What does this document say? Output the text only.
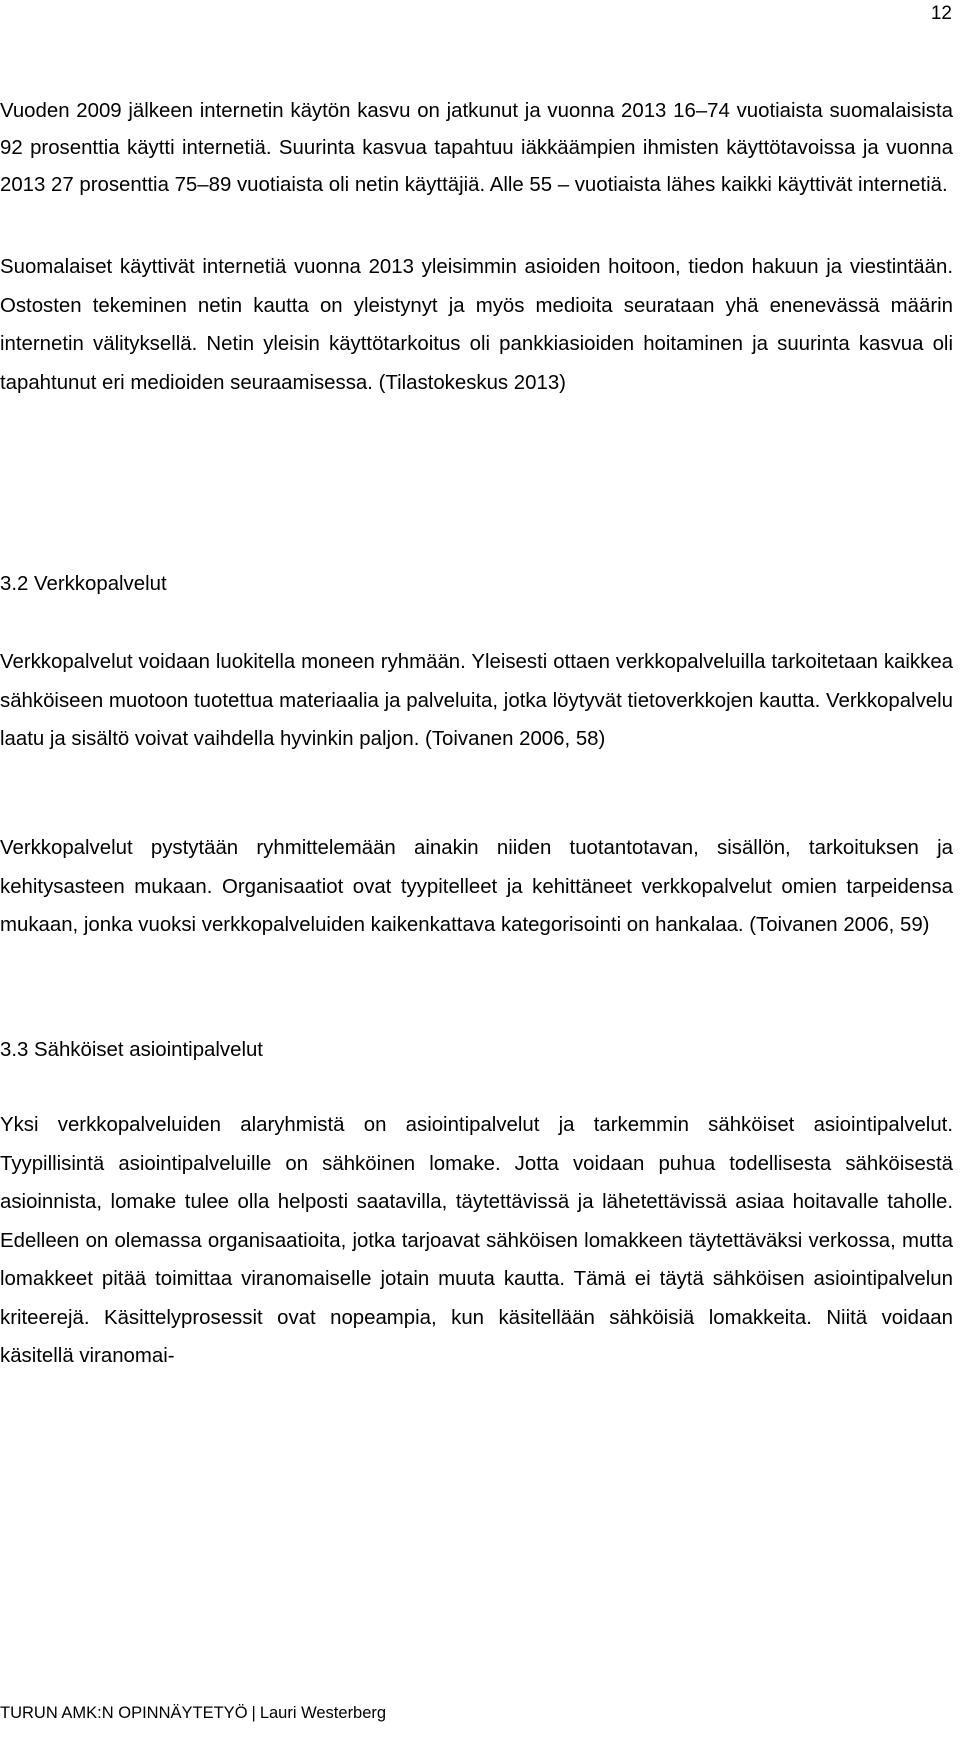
12

Vuoden 2009 jälkeen internetin käytön kasvu on jatkunut ja vuonna 2013 16–74 vuotiaista suomalaisista 92 prosenttia käytti internetiä. Suurinta kasvua tapahtuu iäkkäämpien ihmisten käyttötavoissa ja vuonna 2013 27 prosenttia 75–89 vuotiaista oli netin käyttäjiä. Alle 55 – vuotiaista lähes kaikki käyttivät internetiä.

Suomalaiset käyttivät internetiä vuonna 2013 yleisimmin asioiden hoitoon, tiedon hakuun ja viestintään. Ostosten tekeminen netin kautta on yleistynyt ja myös medioita seurataan yhä enenevässä määrin internetin välityksellä. Netin yleisin käyttötarkoitus oli pankkiasioiden hoitaminen ja suurinta kasvua oli tapahtunut eri medioiden seuraamisessa. (Tilastokeskus 2013)

3.2 Verkkopalvelut

Verkkopalvelut voidaan luokitella moneen ryhmään. Yleisesti ottaen verkkopalveluilla tarkoitetaan kaikkea sähköiseen muotoon tuotettua materiaalia ja palveluita, jotka löytyvät tietoverkkojen kautta. Verkkopalvelu laatu ja sisältö voivat vaihdella hyvinkin paljon. (Toivanen 2006, 58)

Verkkopalvelut pystytään ryhmittelemään ainakin niiden tuotantotavan, sisällön, tarkoituksen ja kehitysasteen mukaan. Organisaatiot ovat tyypitelleet ja kehittäneet verkkopalvelut omien tarpeidensa mukaan, jonka vuoksi verkkopalveluiden kaikenkattava kategorisointi on hankalaa. (Toivanen 2006, 59)

3.3 Sähköiset asiointipalvelut

Yksi verkkopalveluiden alaryhmistä on asiointipalvelut ja tarkemmin sähköiset asiointipalvelut. Tyypillisintä asiointipalveluille on sähköinen lomake. Jotta voidaan puhua todellisesta sähköisestä asioinnista, lomake tulee olla helposti saatavilla, täytettävissä ja lähetettävissä asiaa hoitavalle taholle. Edelleen on olemassa organisaatioita, jotka tarjoavat sähköisen lomakkeen täytettäväksi verkossa, mutta lomakkeet pitää toimittaa viranomaiselle jotain muuta kautta. Tämä ei täytä sähköisen asiointipalvelun kriteerejä. Käsittelyprosessit ovat nopeampia, kun käsitellään sähköisiä lomakkeita. Niitä voidaan käsitellä viranomai-

TURUN AMK:N OPINNÄYTETYÖ | Lauri Westerberg
